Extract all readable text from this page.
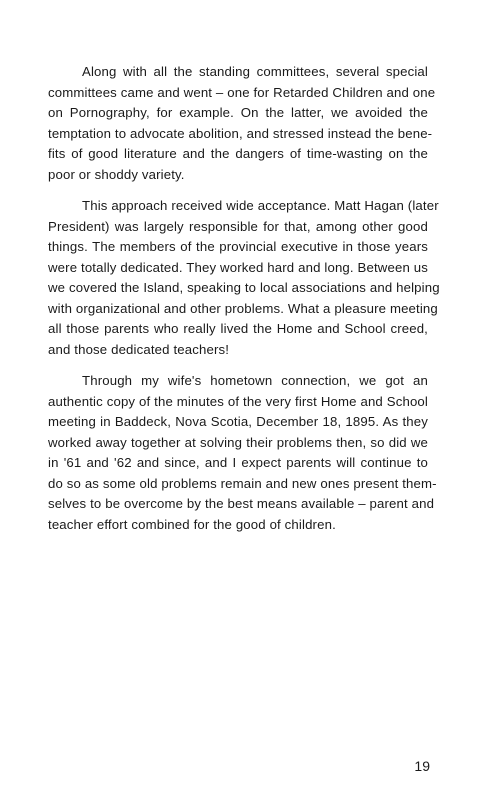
Along with all the standing committees, several special
committees came and went – one for Retarded Children and one
on Pornography, for example. On the latter, we avoided the
temptation to advocate abolition, and stressed instead the bene-
fits of good literature and the dangers of time-wasting on the
poor or shoddy variety.
This approach received wide acceptance. Matt Hagan (later
President) was largely responsible for that, among other good
things. The members of the provincial executive in those years
were totally dedicated. They worked hard and long. Between us
we covered the Island, speaking to local associations and helping
with organizational and other problems. What a pleasure meeting
all those parents who really lived the Home and School creed,
and those dedicated teachers!
Through my wife's hometown connection, we got an
authentic copy of the minutes of the very first Home and School
meeting in Baddeck, Nova Scotia, December 18, 1895. As they
worked away together at solving their problems then, so did we
in '61 and '62 and since, and I expect parents will continue to
do so as some old problems remain and new ones present them-
selves to be overcome by the best means available – parent and
teacher effort combined for the good of children.
19
